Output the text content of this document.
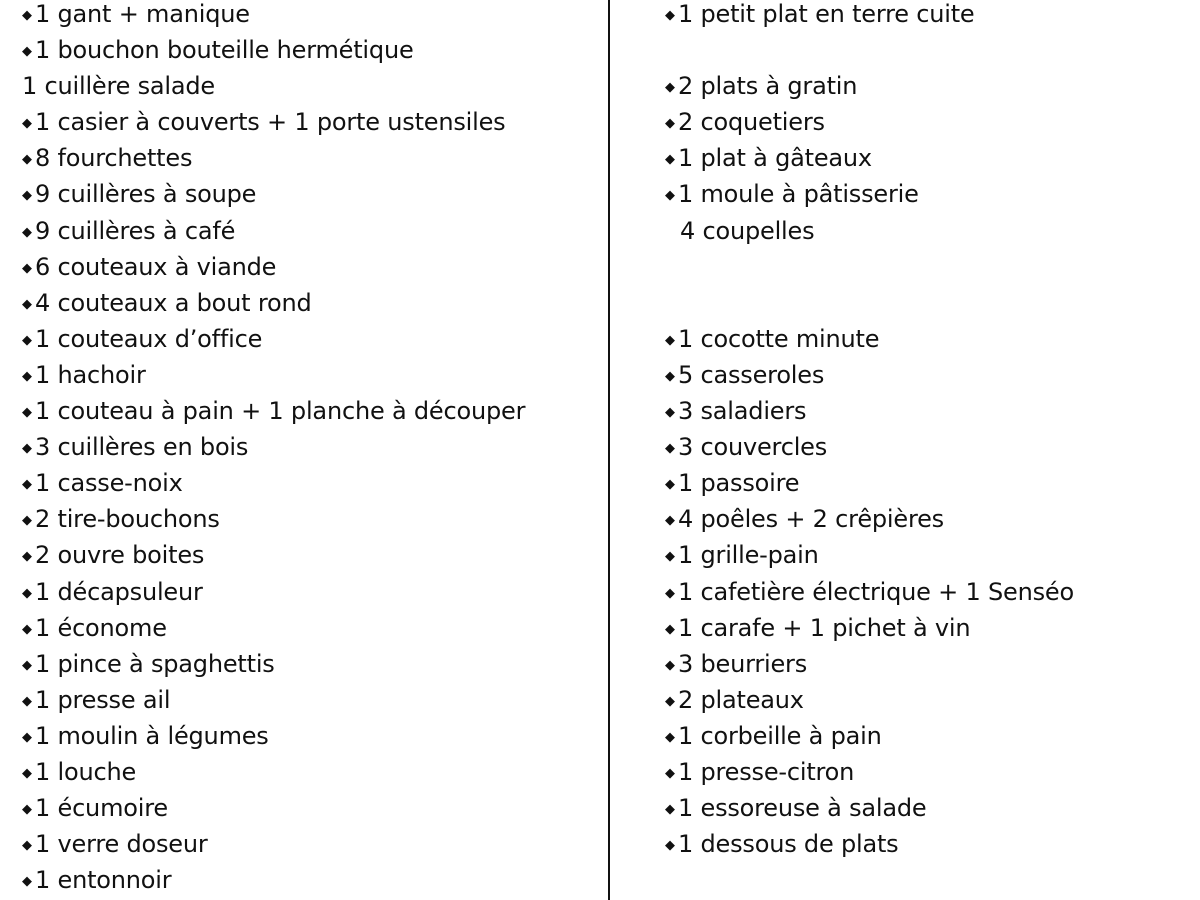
◆ 1 gant + manique
◆ 1 bouchon bouteille hermétique
1 cuillère salade
◆ 1 casier à couverts + 1 porte ustensiles
◆ 8 fourchettes
◆ 9 cuillères à soupe
◆ 9 cuillères à café
◆ 6 couteaux à viande
◆ 4 couteaux a bout rond
◆ 1 couteaux d’office
◆ 1 hachoir
◆ 1 couteau à pain + 1 planche à découper
◆ 3 cuillères en bois
◆ 1 casse-noix
◆ 2 tire-bouchons
◆ 2 ouvre boites
◆ 1 décapsuleur
◆ 1 économe
◆ 1 pince à spaghettis
◆ 1 presse ail
◆ 1 moulin à légumes
◆ 1 louche
◆ 1 écumoire
◆ 1 verre doseur
◆ 1 entonnoir
◆ 1 petit plat en terre cuite
◆ 2 plats à gratin
◆ 2 coquetiers
◆ 1 plat à gâteaux
◆ 1 moule à pâtisserie
4 coupelles
◆ 1 cocotte minute
◆ 5 casseroles
◆ 3 saladiers
◆ 3 couvercles
◆ 1 passoire
◆ 4 poêles + 2 crêpières
◆ 1 grille-pain
◆ 1 cafetière électrique + 1 Senséo
◆ 1 carafe + 1 pichet à vin
◆ 3 beurriers
◆ 2 plateaux
◆ 1 corbeille à pain
◆ 1 presse-citron
◆ 1 essoreuse à salade
◆ 1 dessous de plats
